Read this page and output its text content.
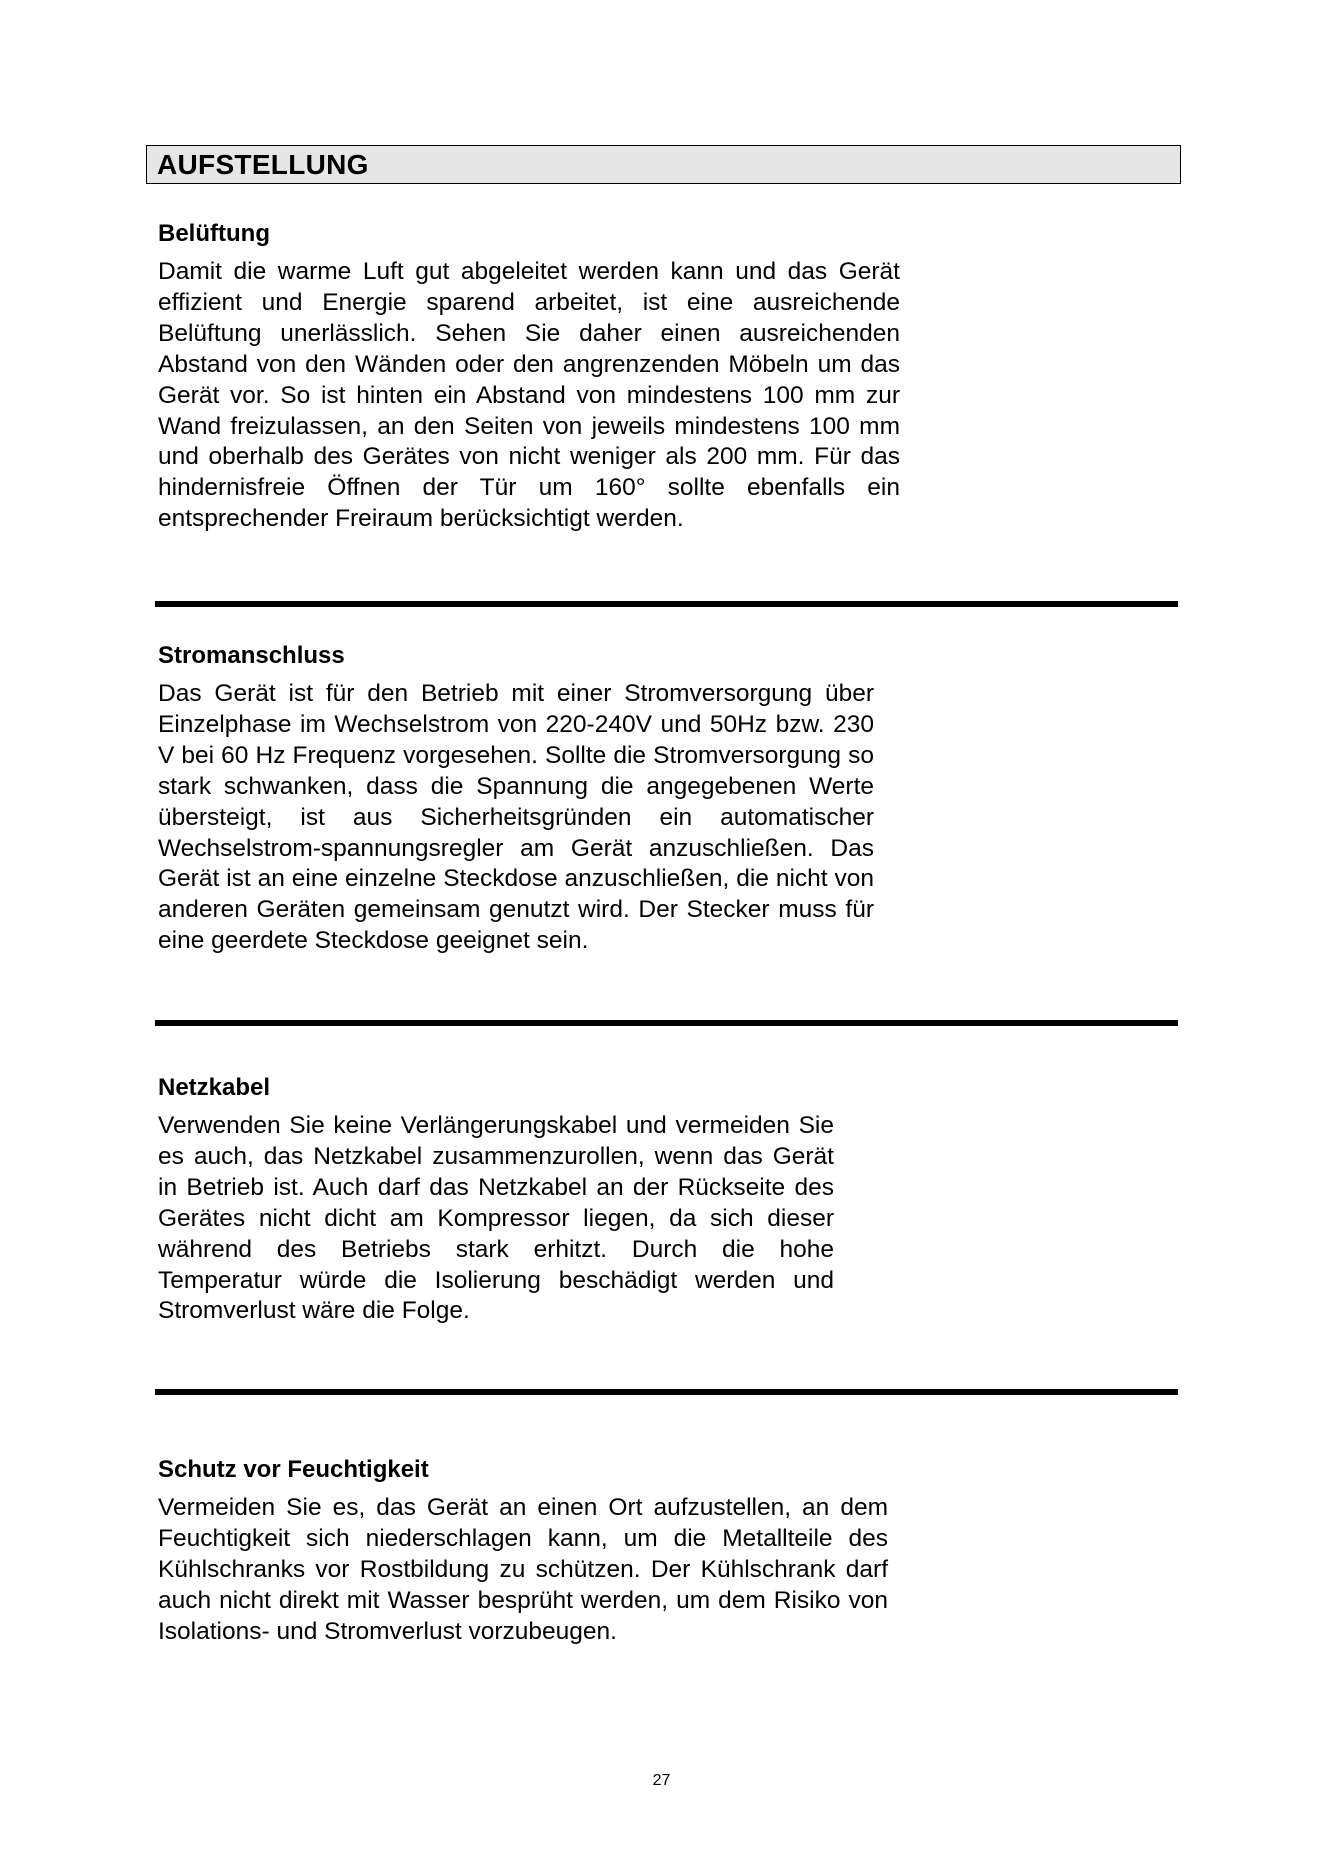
AUFSTELLUNG
Belüftung

Damit die warme Luft gut abgeleitet werden kann und das Gerät effizient und Energie sparend arbeitet, ist eine ausreichende Belüftung unerlässlich. Sehen Sie daher einen ausreichenden Abstand von den Wänden oder den angrenzenden Möbeln um das Gerät vor. So ist hinten ein Abstand von mindestens 100 mm zur Wand freizulassen, an den Seiten von jeweils mindestens 100 mm und oberhalb des Gerätes von nicht weniger als 200 mm. Für das hindernisfreie Öffnen der Tür um 160° sollte ebenfalls ein entsprechender Freiraum berücksichtigt werden.

Stromanschluss

Das Gerät ist für den Betrieb mit einer Stromversorgung über Einzelphase im Wechselstrom von 220-240V und 50Hz bzw. 230 V bei 60 Hz Frequenz vorgesehen. Sollte die Stromversorgung so stark schwanken, dass die Spannung die angegebenen Werte übersteigt, ist aus Sicherheitsgründen ein automatischer Wechselstrom-spannungsregler am Gerät anzuschließen. Das Gerät ist an eine einzelne Steckdose anzuschließen, die nicht von anderen Geräten gemeinsam genutzt wird. Der Stecker muss für eine geerdete Steckdose geeignet sein.

Netzkabel

Verwenden Sie keine Verlängerungskabel und vermeiden Sie es auch, das Netzkabel zusammenzurollen, wenn das Gerät in Betrieb ist. Auch darf das Netzkabel an der Rückseite des Gerätes nicht dicht am Kompressor liegen, da sich dieser während des Betriebs stark erhitzt. Durch die hohe Temperatur würde die Isolierung beschädigt werden und Stromverlust wäre die Folge.

Schutz vor Feuchtigkeit

Vermeiden Sie es, das Gerät an einen Ort aufzustellen, an dem Feuchtigkeit sich niederschlagen kann, um die Metallteile des Kühlschranks vor Rostbildung zu schützen. Der Kühlschrank darf auch nicht direkt mit Wasser besprüht werden, um dem Risiko von Isolations- und Stromverlust vorzubeugen.

27
